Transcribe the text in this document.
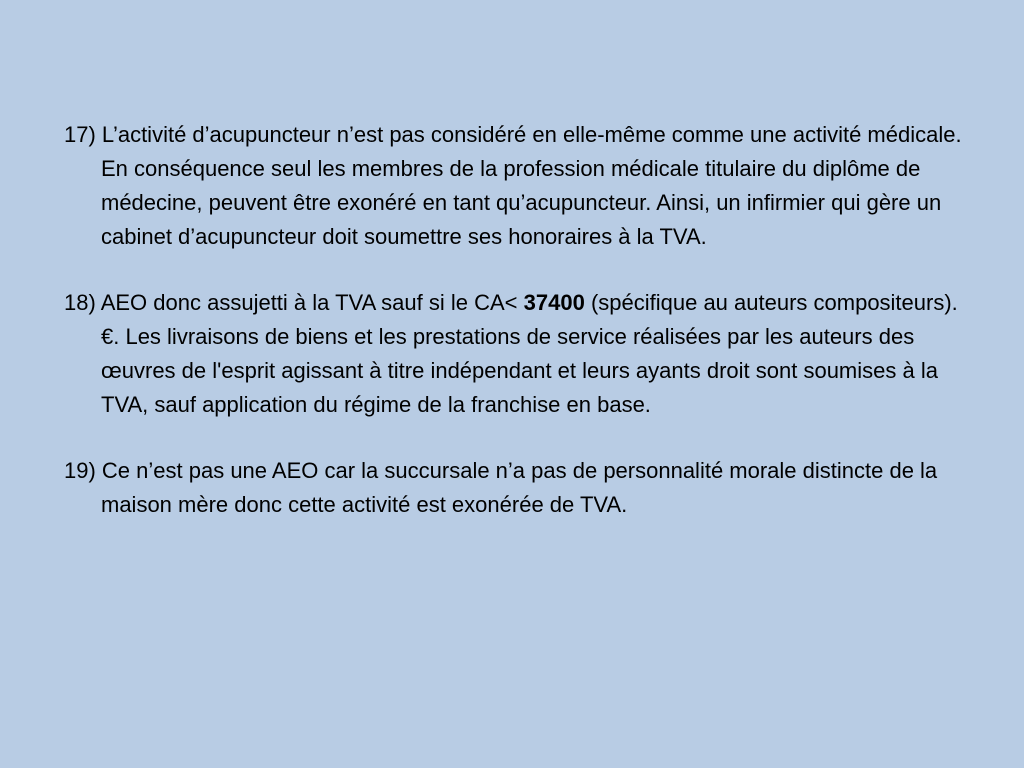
17) L’activité d’acupuncteur n’est pas considéré en elle-même comme une activité médicale. En conséquence seul les membres de la profession médicale titulaire du diplôme de médecine, peuvent être exonéré en tant qu’acupuncteur. Ainsi, un infirmier qui gère un cabinet d’acupuncteur doit soumettre ses honoraires à la TVA.

18) AEO donc assujetti à la TVA sauf si le CA< 37400 (spécifique au auteurs compositeurs). €. Les livraisons de biens et les prestations de service réalisées par les auteurs des œuvres de l'esprit agissant à titre indépendant et leurs ayants droit sont soumises à la TVA, sauf application du régime de la franchise en base.

19) Ce n’est pas une AEO car la succursale n’a pas de personnalité morale distincte de la maison mère donc cette activité est exonérée de TVA.
